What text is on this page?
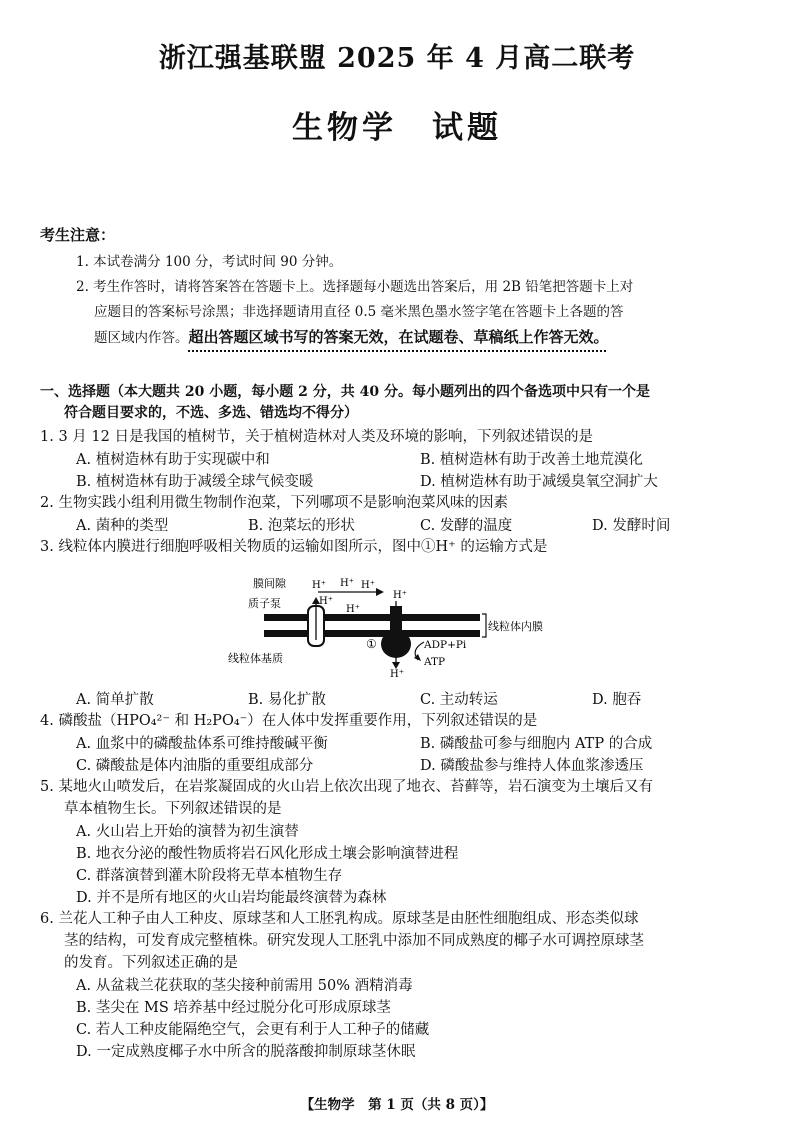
浙江强基联盟 2025 年 4 月高二联考
生物学　试题
考生注意：
1. 本试卷满分 100 分，考试时间 90 分钟。
2. 考生作答时，请将答案答在答题卡上。选择题每小题选出答案后，用 2B 铅笔把答题卡上对
应题目的答案标号涂黑；非选择题请用直径 0.5 毫米黑色墨水签字笔在答题卡上各题的答
题区域内作答。超出答题区域书写的答案无效，在试题卷、草稿纸上作答无效。
一、选择题（本大题共 20 小题，每小题 2 分，共 40 分。每小题列出的四个备选项中只有一个是
符合题目要求的，不选、多选、错选均不得分）
1. 3 月 12 日是我国的植树节，关于植树造林对人类及环境的影响，下列叙述错误的是
A. 植树造林有助于实现碳中和	B. 植树造林有助于改善土地荒漠化
B. 植树造林有助于减缓全球气候变暖	D. 植树造林有助于减缓臭氧空洞扩大
2. 生物实践小组利用微生物制作泡菜，下列哪项不是影响泡菜风味的因素
A. 菌种的类型	B. 泡菜坛的形状	C. 发酵的温度	D. 发酵时间
3. 线粒体内膜进行细胞呼吸相关物质的运输如图所示，图中①H⁺ 的运输方式是
膜间隙
质子泵
线粒体基质
线粒体内膜
H⁺ H⁺ H⁺
H⁺
H⁺
H⁺
H⁺
①	ADP+Pi
ATP
A. 简单扩散	B. 易化扩散	C. 主动转运	D. 胞吞
4. 磷酸盐（HPO₄²⁻ 和 H₂PO₄⁻）在人体中发挥重要作用，下列叙述错误的是
A. 血浆中的磷酸盐体系可维持酸碱平衡	B. 磷酸盐可参与细胞内 ATP 的合成
C. 磷酸盐是体内油脂的重要组成部分	D. 磷酸盐参与维持人体血浆渗透压
5. 某地火山喷发后，在岩浆凝固成的火山岩上依次出现了地衣、苔藓等，岩石演变为土壤后又有
草本植物生长。下列叙述错误的是
A. 火山岩上开始的演替为初生演替
B. 地衣分泌的酸性物质将岩石风化形成土壤会影响演替进程
C. 群落演替到灌木阶段将无草本植物生存
D. 并不是所有地区的火山岩均能最终演替为森林
6. 兰花人工种子由人工种皮、原球茎和人工胚乳构成。原球茎是由胚性细胞组成、形态类似球
茎的结构，可发育成完整植株。研究发现人工胚乳中添加不同成熟度的椰子水可调控原球茎
的发育。下列叙述正确的是
A. 从盆栽兰花获取的茎尖接种前需用 50% 酒精消毒
B. 茎尖在 MS 培养基中经过脱分化可形成原球茎
C. 若人工种皮能隔绝空气，会更有利于人工种子的储藏
D. 一定成熟度椰子水中所含的脱落酸抑制原球茎休眠
【生物学　第 1 页（共 8 页）】
